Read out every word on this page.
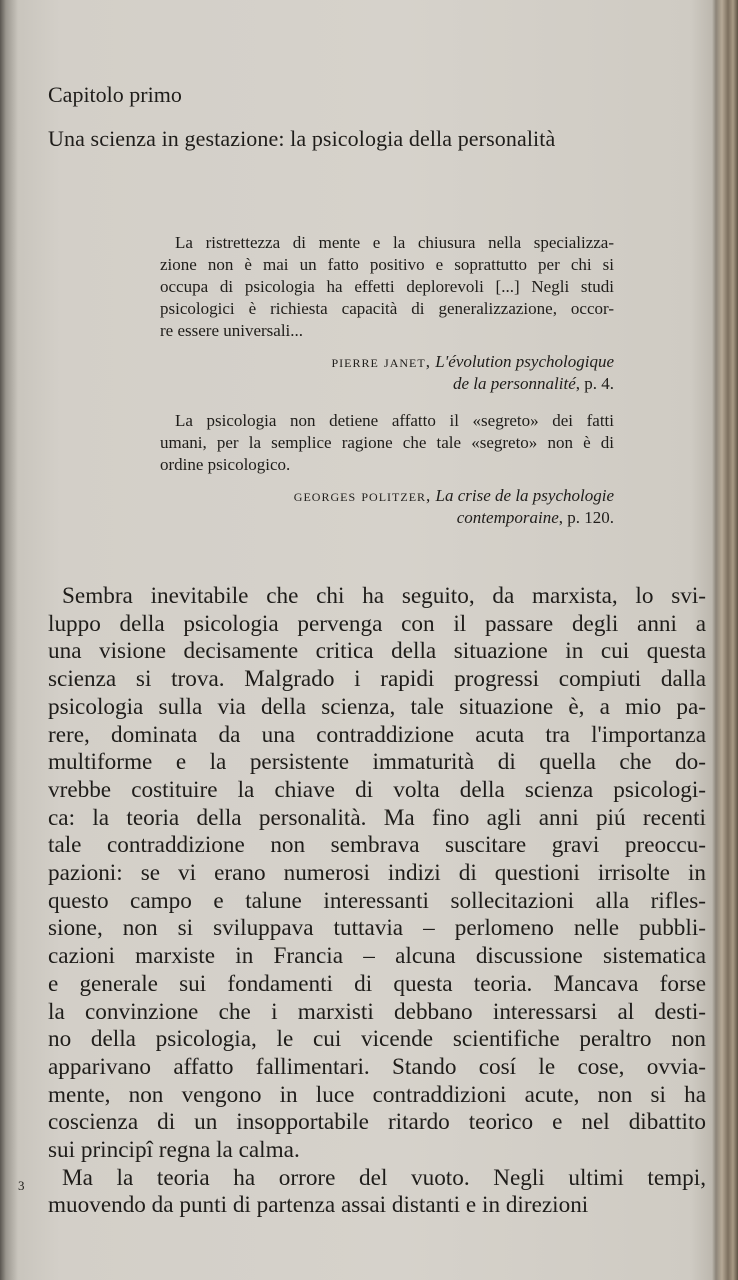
Capitolo primo
Una scienza in gestazione: la psicologia della personalità
La ristrettezza di mente e la chiusura nella specializza-
zione non è mai un fatto positivo e soprattutto per chi si
occupa di psicologia ha effetti deplorevoli [...] Negli studi
psicologici è richiesta capacità di generalizzazione, occor-
re essere universali...
pierre janet, L'évolution psychologique
de la personnalité, p. 4.
La psicologia non detiene affatto il «segreto» dei fatti
umani, per la semplice ragione che tale «segreto» non è di
ordine psicologico.
georges politzer, La crise de la psychologie
contemporaine, p. 120.
Sembra inevitabile che chi ha seguito, da marxista, lo svi-
luppo della psicologia pervenga con il passare degli anni a
una visione decisamente critica della situazione in cui questa
scienza si trova. Malgrado i rapidi progressi compiuti dalla
psicologia sulla via della scienza, tale situazione è, a mio pa-
rere, dominata da una contraddizione acuta tra l'importanza
multiforme e la persistente immaturità di quella che do-
vrebbe costituire la chiave di volta della scienza psicologi-
ca: la teoria della personalità. Ma fino agli anni piú recenti
tale contraddizione non sembrava suscitare gravi preoccu-
pazioni: se vi erano numerosi indizi di questioni irrisolte in
questo campo e talune interessanti sollecitazioni alla rifles-
sione, non si sviluppava tuttavia – perlomeno nelle pubbli-
cazioni marxiste in Francia – alcuna discussione sistematica
e generale sui fondamenti di questa teoria. Mancava forse
la convinzione che i marxisti debbano interessarsi al desti-
no della psicologia, le cui vicende scientifiche peraltro non
apparivano affatto fallimentari. Stando cosí le cose, ovvia-
mente, non vengono in luce contraddizioni acute, non si ha
coscienza di un insopportabile ritardo teorico e nel dibattito
sui principî regna la calma.
Ma la teoria ha orrore del vuoto. Negli ultimi tempi,
muovendo da punti di partenza assai distanti e in direzioni
3
